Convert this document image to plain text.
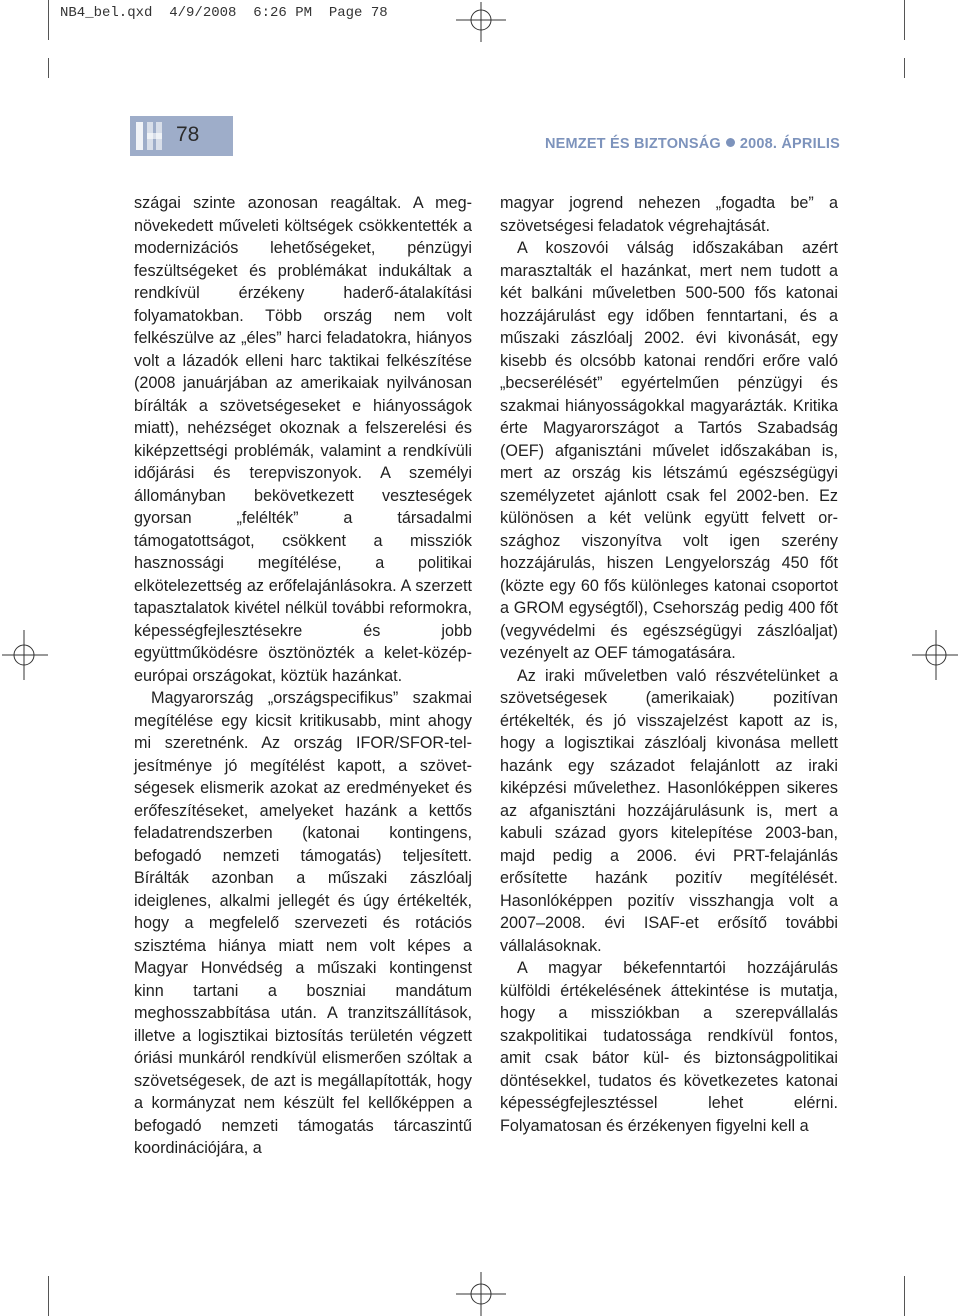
NB4_bel.qxd  4/9/2008  6:26 PM  Page 78
78	NEMZET ÉS BIZTONSÁG 2008. ÁPRILIS

szágai szinte azonosan reagáltak. A megnövekedett műveleti költségek csökkentették a modernizációs lehetőségeket, pénzügyi feszültségeket és problémákat indukáltak a rendkívül érzékeny haderő-átalakítási folyamatokban. Több ország nem volt felkészülve az „éles” harci feladatokra, hiányos volt a lázadók elleni harc taktikai felkészítése (2008 januárjában az amerikaiak nyilvánosan bírálták a szövetségeseket e hiányosságok miatt), nehézséget okoznak a felszerelési és kiképzettségi problémák, valamint a rendkívüli időjárási és terepviszonyok. A személyi állományban bekövetkezett veszteségek gyorsan „felélték” a társadalmi támogatottságot, csökkent a missziók hasznossági megítélése, a politikai elkötelezettség az erőfelajánlásokra. A szerzett tapasztalatok kivétel nélkül további reformokra, képességfejlesztésekre és jobb együttműködésre ösztönözték a kelet-közép-európai országokat, köztük hazánkat.

Magyarország „országspecifikus” szakmai megítélése egy kicsit kritikusabb, mint ahogy mi szeretnénk. Az ország IFOR/SFOR-teljesítménye jó megítélést kapott, a szövetségesek elismerik azokat az eredményeket és erőfeszítéseket, amelyeket hazánk a kettős feladatrendszerben (katonai kontingens, befogadó nemzeti támogatás) teljesített. Bírálták azonban a műszaki zászlóalj ideiglenes, alkalmi jellegét és úgy értékelték, hogy a megfelelő szervezeti és rotációs szisztéma hiánya miatt nem volt képes a Magyar Honvédség a műszaki kontingenst kinn tartani a boszniai mandátum meghosszabbítása után. A tranzitszállítások, illetve a logisztikai biztosítás területén végzett óriási munkáról rendkívül elismerően szóltak a szövetségesek, de azt is megállapították, hogy a kormányzat nem készült fel kellőképpen a befogadó nemzeti támogatás tárcaszintű koordinációjára, a

magyar jogrend nehezen „fogadta be” a szövetségesi feladatok végrehajtását.

A koszovói válság időszakában azért marasztalták el hazánkat, mert nem tudott a két balkáni műveletben 500-500 fős katonai hozzájárulást egy időben fenntartani, és a műszaki zászlóalj 2002. évi kivonását, egy kisebb és olcsóbb katonai rendőri erőre való „becserélését” egyértelműen pénzügyi és szakmai hiányosságokkal magyarázták. Kritika érte Magyarországot a Tartós Szabadság (OEF) afganisztáni művelet időszakában is, mert az ország kis létszámú egészségügyi személyzetet ajánlott csak fel 2002-ben. Ez különösen a két velünk együtt felvett országhoz viszonyítva volt igen szerény hozzájárulás, hiszen Lengyelország 450 főt (közte egy 60 fős különleges katonai csoportot a GROM egységtől), Csehország pedig 400 főt (vegyvédelmi és egészségügyi zászlóaljat) vezényelt az OEF támogatására.

Az iraki műveletben való részvételünket a szövetségesek (amerikaiak) pozitívan értékelték, és jó visszajelzést kapott az is, hogy a logisztikai zászlóalj kivonása mellett hazánk egy századot felajánlott az iraki kiképzési művelethez. Hasonlóképpen sikeres az afganisztáni hozzájárulásunk is, mert a kabuli század gyors kitelepítése 2003-ban, majd pedig a 2006. évi PRT-felajánlás erősítette hazánk pozitív megítélését. Hasonlóképpen pozitív visszhangja volt a 2007–2008. évi ISAF-et erősítő további vállalásoknak.

A magyar békefenntartói hozzájárulás külföldi értékelésének áttekintése is mutatja, hogy a missziókban a szerepvállalás szakpolitikai tudatossága rendkívül fontos, amit csak bátor kül- és biztonságpolitikai döntésekkel, tudatos és következetes katonai képességfejlesztéssel lehet elérni. Folyamatosan és érzékenyen figyelni kell a
